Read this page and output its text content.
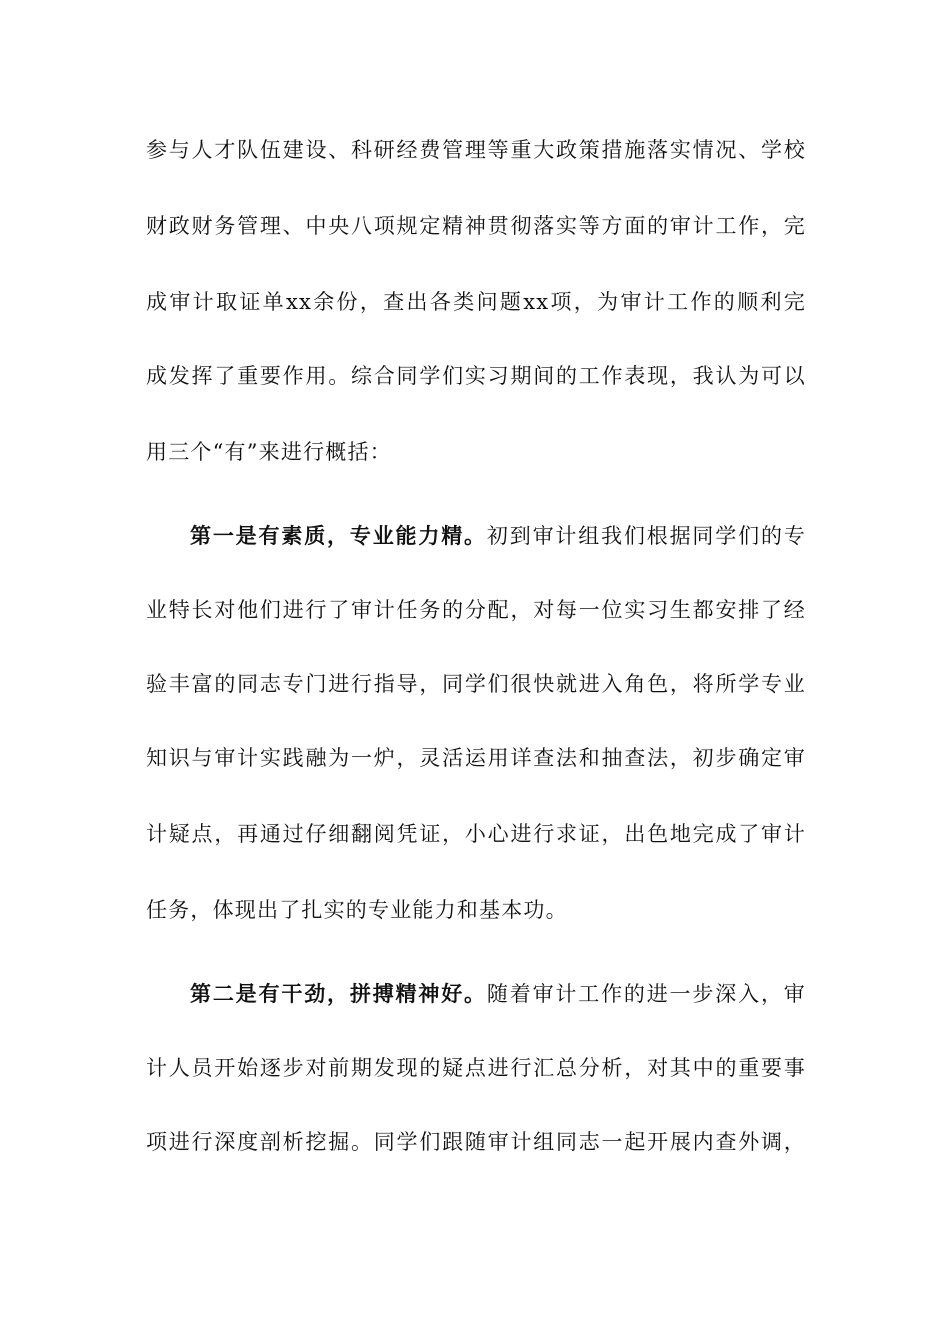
参与人才队伍建设、科研经费管理等重大政策措施落实情况、学校
财政财务管理、中央八项规定精神贯彻落实等方面的审计工作，完
成审计取证单xx余份，查出各类问题xx项，为审计工作的顺利完
成发挥了重要作用。综合同学们实习期间的工作表现，我认为可以
用三个“有”来进行概括：
第一是有素质，专业能力精。初到审计组我们根据同学们的专
业特长对他们进行了审计任务的分配，对每一位实习生都安排了经
验丰富的同志专门进行指导，同学们很快就进入角色，将所学专业
知识与审计实践融为一炉，灵活运用详查法和抽查法，初步确定审
计疑点，再通过仔细翻阅凭证，小心进行求证，出色地完成了审计
任务，体现出了扎实的专业能力和基本功。
第二是有干劲，拼搏精神好。随着审计工作的进一步深入，审
计人员开始逐步对前期发现的疑点进行汇总分析，对其中的重要事
项进行深度剖析挖掘。同学们跟随审计组同志一起开展内查外调，
